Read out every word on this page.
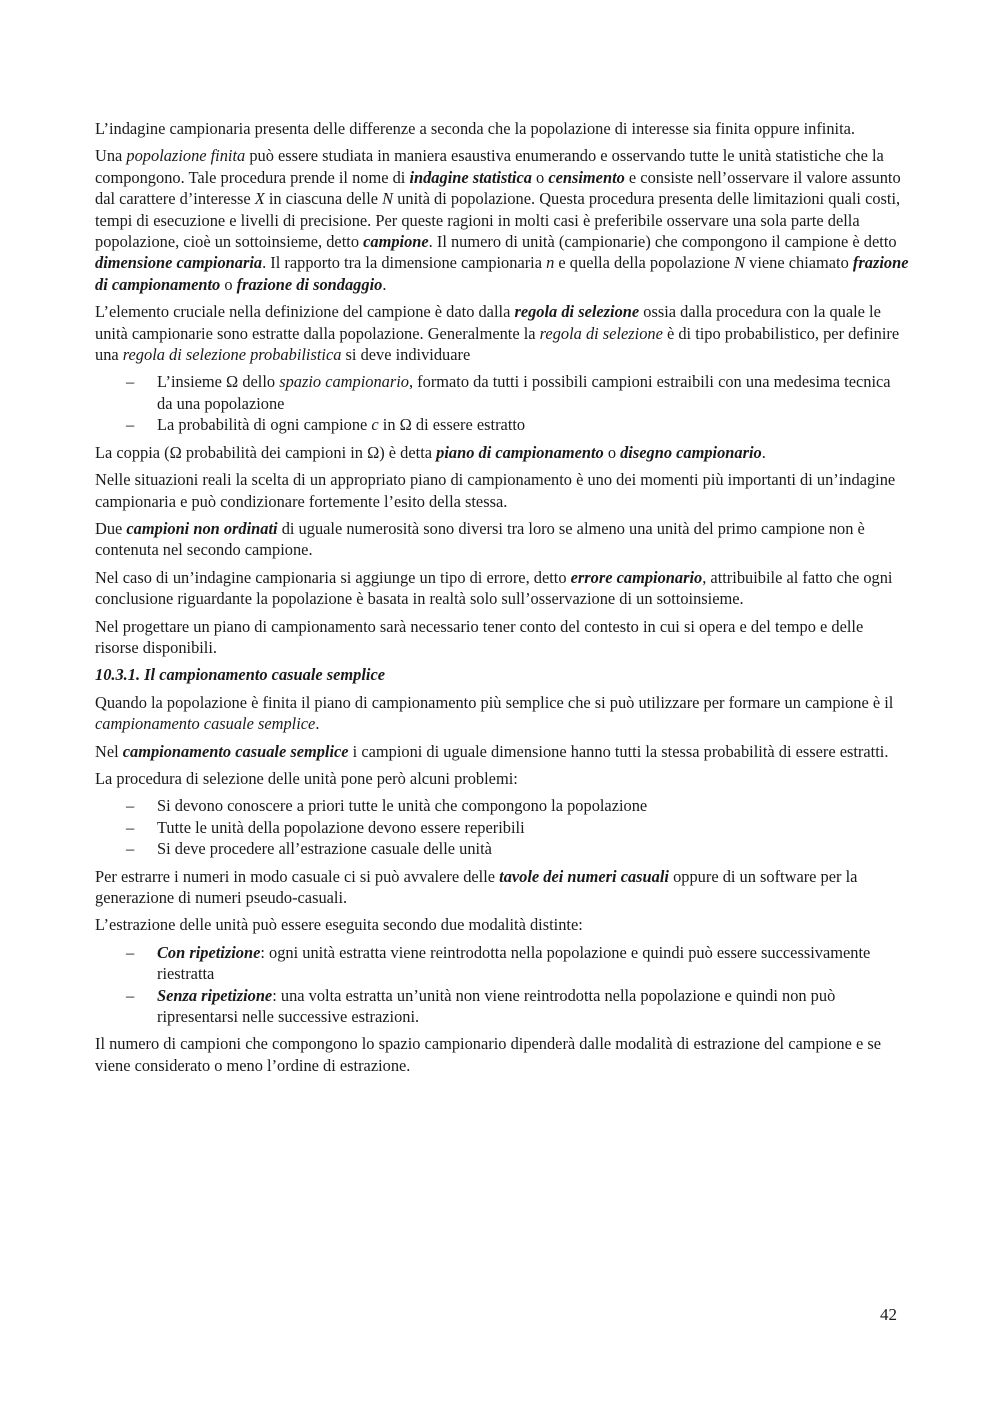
L’indagine campionaria presenta delle differenze a seconda che la popolazione di interesse sia finita oppure infinita.

Una popolazione finita può essere studiata in maniera esaustiva enumerando e osservando tutte le unità statistiche che la compongono. Tale procedura prende il nome di indagine statistica o censimento e consiste nell’osservare il valore assunto dal carattere d’interesse X in ciascuna delle N unità di popolazione. Questa procedura presenta delle limitazioni quali costi, tempi di esecuzione e livelli di precisione. Per queste ragioni in molti casi è preferibile osservare una sola parte della popolazione, cioè un sottoinsieme, detto campione. Il numero di unità (campionarie) che compongono il campione è detto dimensione campionaria. Il rapporto tra la dimensione campionaria n e quella della popolazione N viene chiamato frazione di campionamento o frazione di sondaggio.

L’elemento cruciale nella definizione del campione è dato dalla regola di selezione ossia dalla procedura con la quale le unità campionarie sono estratte dalla popolazione. Generalmente la regola di selezione è di tipo probabilistico, per definire una regola di selezione probabilistica si deve individuare

– L’insieme Ω dello spazio campionario, formato da tutti i possibili campioni estraibili con una medesima tecnica da una popolazione
– La probabilità di ogni campione c in Ω di essere estratto

La coppia (Ω probabilità dei campioni in Ω) è detta piano di campionamento o disegno campionario.

Nelle situazioni reali la scelta di un appropriato piano di campionamento è uno dei momenti più importanti di un’indagine campionaria e può condizionare fortemente l’esito della stessa.

Due campioni non ordinati di uguale numerosità sono diversi tra loro se almeno una unità del primo campione non è contenuta nel secondo campione.

Nel caso di un’indagine campionaria si aggiunge un tipo di errore, detto errore campionario, attribuibile al fatto che ogni conclusione riguardante la popolazione è basata in realtà solo sull’osservazione di un sottoinsieme.

Nel progettare un piano di campionamento sarà necessario tener conto del contesto in cui si opera e del tempo e delle risorse disponibili.

10.3.1. Il campionamento casuale semplice

Quando la popolazione è finita il piano di campionamento più semplice che si può utilizzare per formare un campione è il campionamento casuale semplice.

Nel campionamento casuale semplice i campioni di uguale dimensione hanno tutti la stessa probabilità di essere estratti.

La procedura di selezione delle unità pone però alcuni problemi:

– Si devono conoscere a priori tutte le unità che compongono la popolazione
– Tutte le unità della popolazione devono essere reperibili
– Si deve procedere all’estrazione casuale delle unità

Per estrarre i numeri in modo casuale ci si può avvalere delle tavole dei numeri casuali oppure di un software per la generazione di numeri pseudo-casuali.

L’estrazione delle unità può essere eseguita secondo due modalità distinte:

– Con ripetizione: ogni unità estratta viene reintrodotta nella popolazione e quindi può essere successivamente riestratta
– Senza ripetizione: una volta estratta un’unità non viene reintrodotta nella popolazione e quindi non può ripresentarsi nelle successive estrazioni.

Il numero di campioni che compongono lo spazio campionario dipenderà dalle modalità di estrazione del campione e se viene considerato o meno l’ordine di estrazione.

42
